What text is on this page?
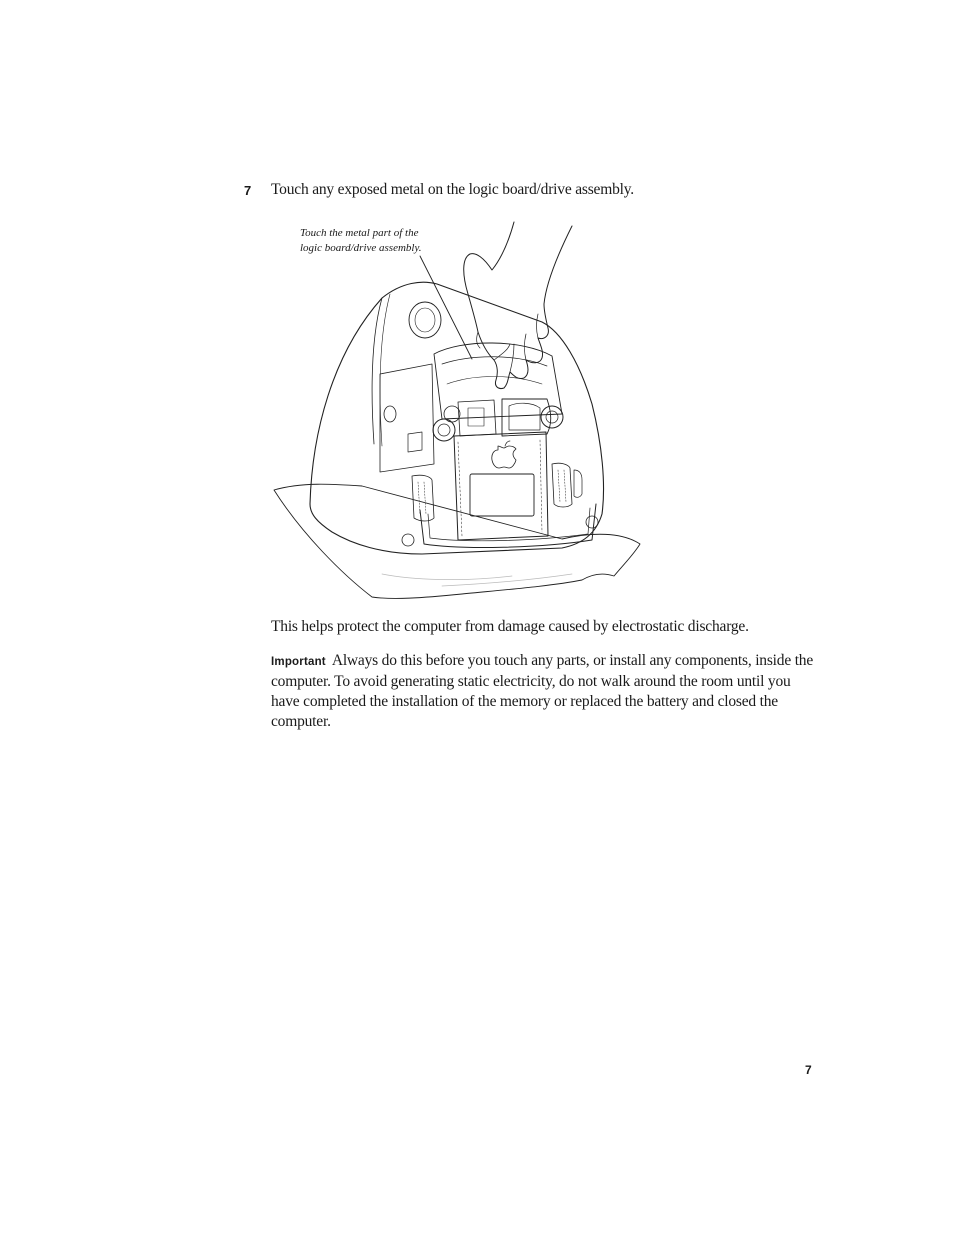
7 Touch any exposed metal on the logic board/drive assembly.
Touch the metal part of the
logic board/drive assembly.
This helps protect the computer from damage caused by electrostatic discharge.
Important Always do this before you touch any parts, or install any components, inside the computer. To avoid generating static electricity, do not walk around the room until you have completed the installation of the memory or replaced the battery and closed the computer.
7
